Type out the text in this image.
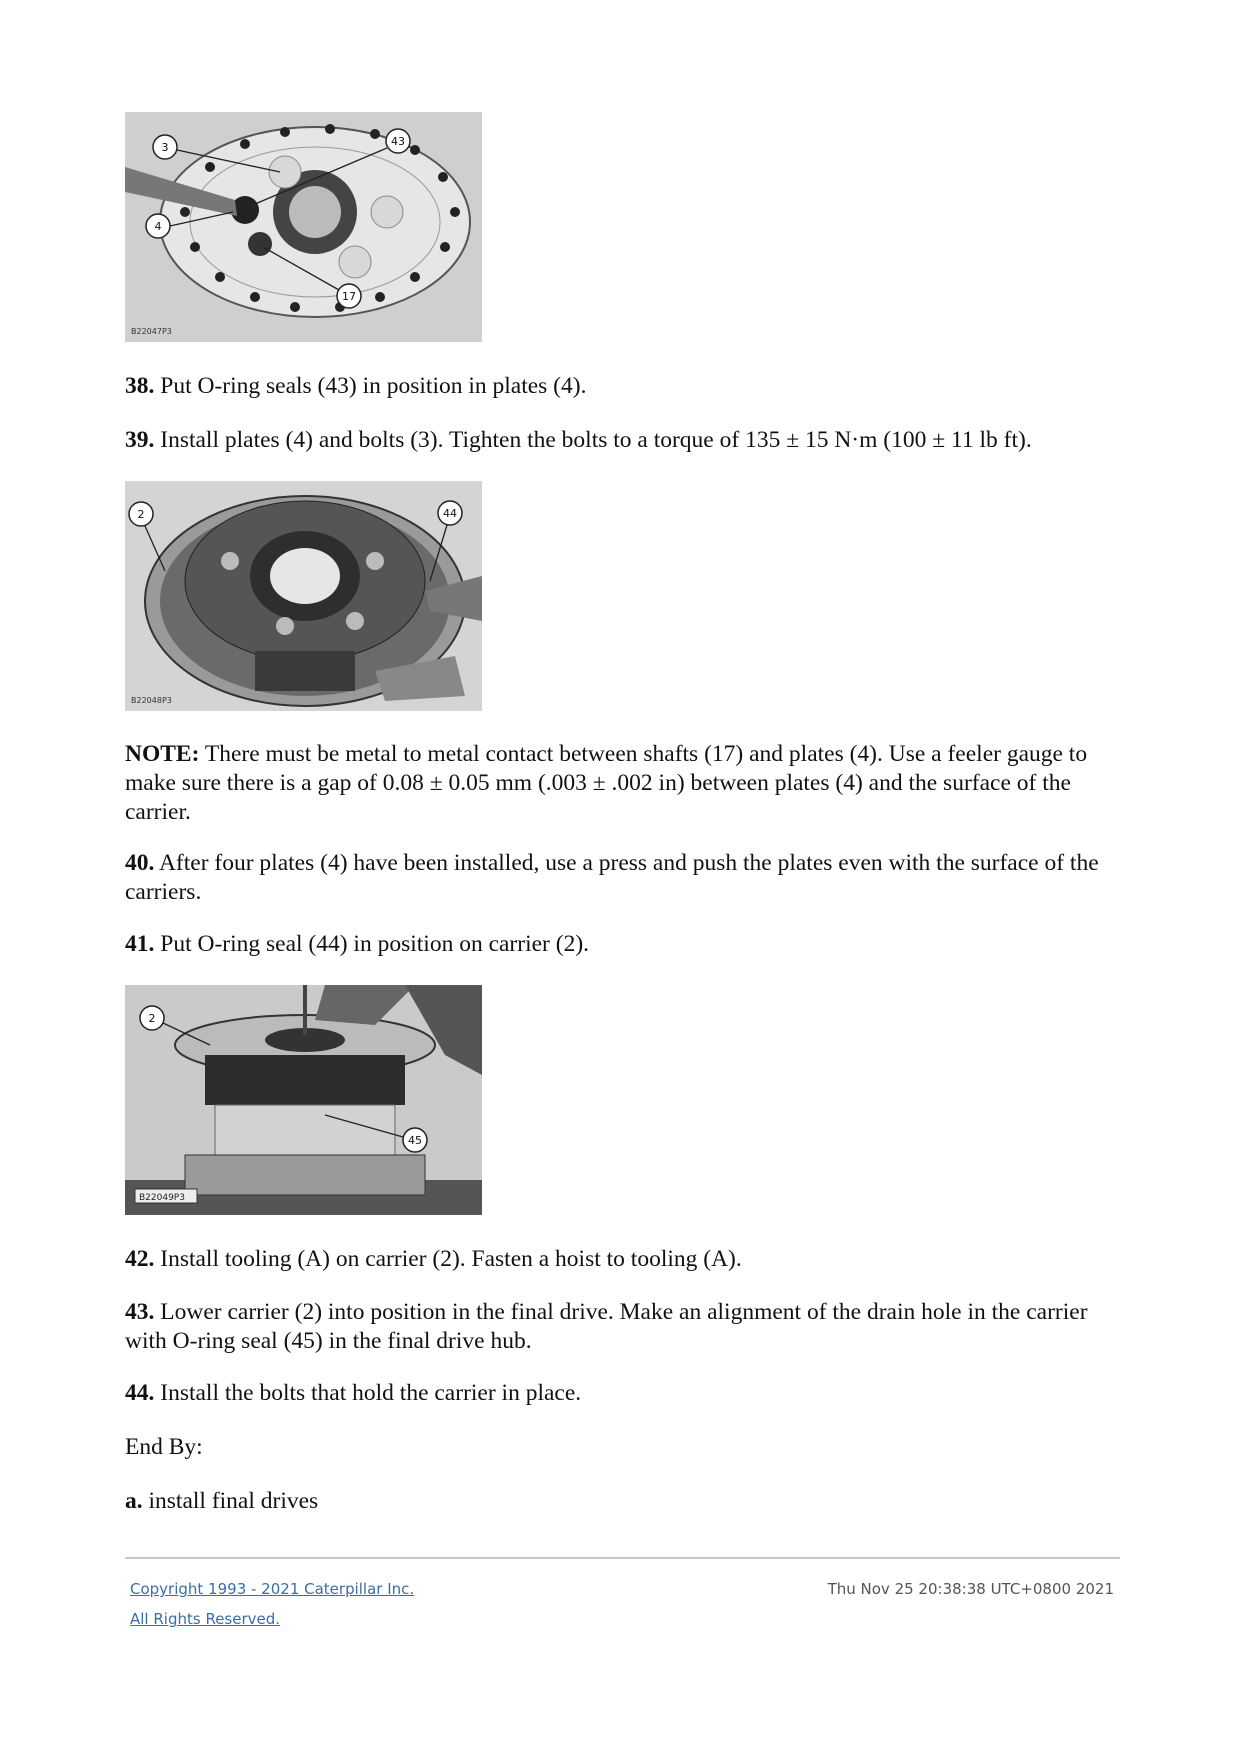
3	43
4
17
B22047P3

38. Put O-ring seals (43) in position in plates (4).

39. Install plates (4) and bolts (3). Tighten the bolts to a torque of 135 ± 15 N·m (100 ± 11 lb ft).

2	44
B22048P3

NOTE: There must be metal to metal contact between shafts (17) and plates (4). Use a feeler gauge to make sure there is a gap of 0.08 ± 0.05 mm (.003 ± .002 in) between plates (4) and the surface of the carrier.

40. After four plates (4) have been installed, use a press and push the plates even with the surface of the carriers.

41. Put O-ring seal (44) in position on carrier (2).

2
45
B22049P3

42. Install tooling (A) on carrier (2). Fasten a hoist to tooling (A).

43. Lower carrier (2) into position in the final drive. Make an alignment of the drain hole in the carrier with O-ring seal (45) in the final drive hub.

44. Install the bolts that hold the carrier in place.

End By:

a. install final drives

Copyright 1993 - 2021 Caterpillar Inc.
All Rights Reserved.
Thu Nov 25 20:38:38 UTC+0800 2021
